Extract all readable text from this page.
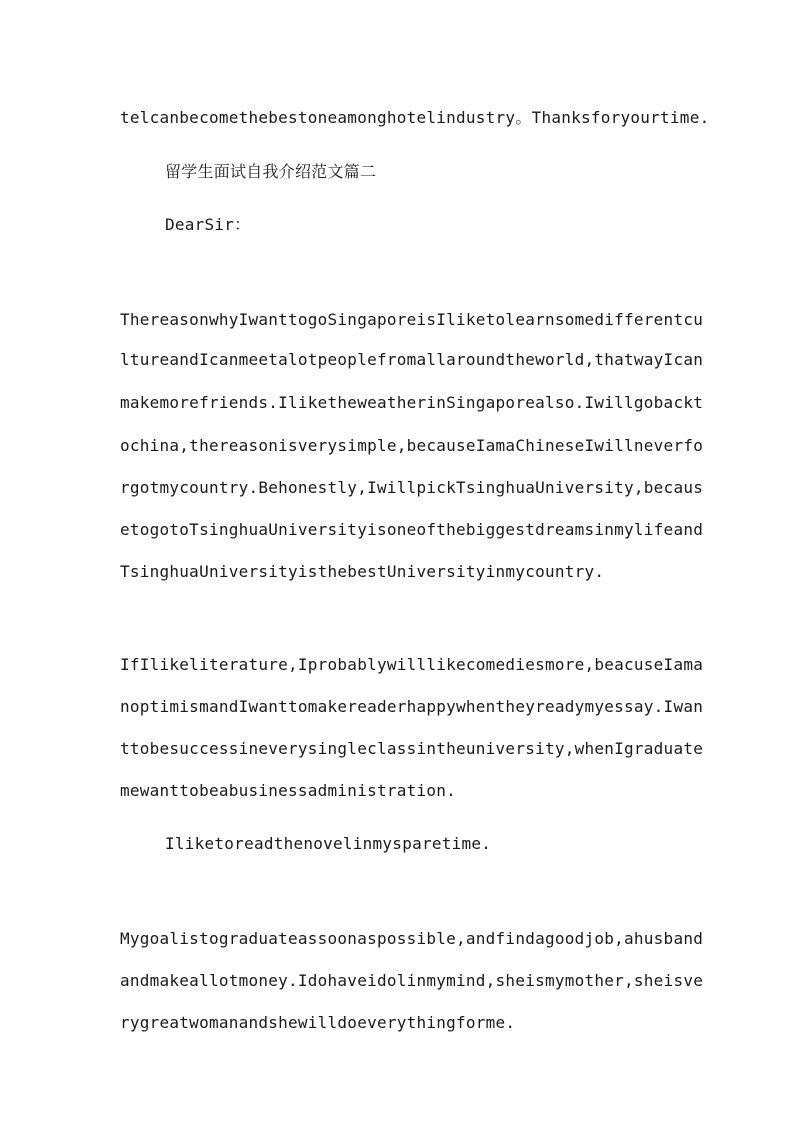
telcanbecomethebestoneamonghotelindustry。Thanksforyourtime.
留学生面试自我介绍范文篇二
DearSir：
ThereasonwhyIwanttogoSingaporeisIliketolearnsomedifferentcu
ltureandIcanmeetalotpeoplefromallaroundtheworld,thatwayIcan
makemorefriends.IliketheweatherinSingaporealso.Iwillgobackt
ochina,thereasonisverysimple,becauseIamaChineseIwillneverfo
rgotmycountry.Behonestly,IwillpickTsinghuaUniversity,becaus
etogotoTsinghuaUniversityisoneofthebiggestdreamsinmylifeand
TsinghuaUniversityisthebestUniversityinmycountry.
IfIlikeliterature,Iprobablywilllikecomediesmore,beacuseIama
noptimismandIwanttomakereaderhappywhentheyreadymyessay.Iwan
ttobesuccessineverysingleclassintheuniversity,whenIgraduate
mewanttobeabusinessadministration.
Iliketoreadthenovelinmysparetime.
Mygoalistograduateassoonaspossible,andfindagoodjob,ahusband
andmakeallotmoney.Idohaveidolinmymind,sheismymother,sheisve
rygreatwomanandshewilldoeverythingforme.
